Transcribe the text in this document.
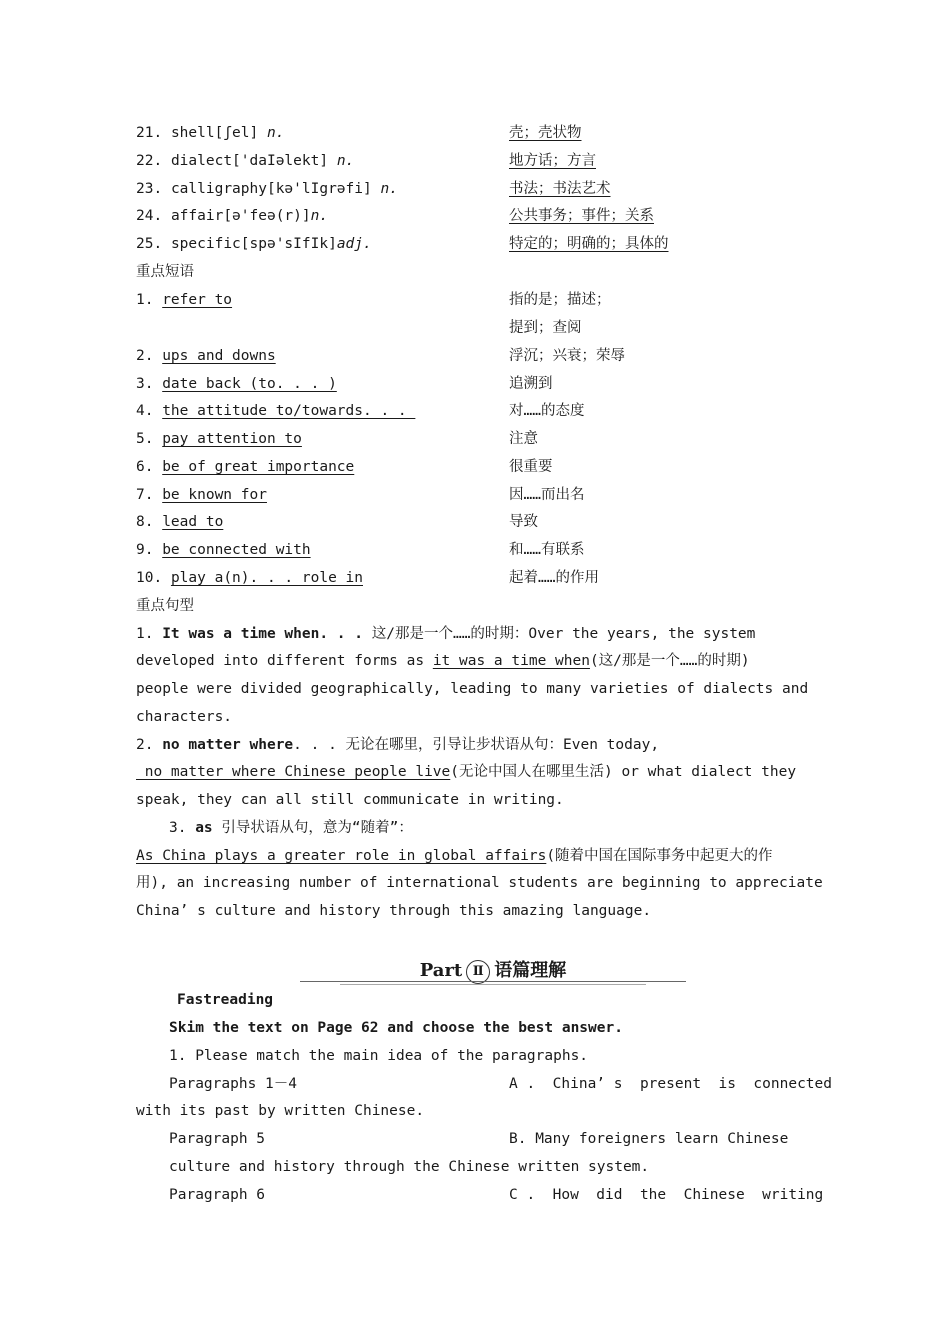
21. shell[ʃel] n.	壳；壳状物
22. dialect['daIəlekt] n.	地方话；方言
23. calligraphy[kə'lIgrəfi] n.	书法；书法艺术
24. affair[ə'feə(r)]n.	公共事务；事件；关系
25. specific[spə'sIfIk]adj.	特定的；明确的；具体的
重点短语
1. refer to	指的是；描述；
提到；查阅
2. ups and downs	浮沉；兴衰；荣辱
3. date back (to. . . )	追溯到
4. the attitude to/towards. . .	对……的态度
5. pay attention to	注意
6. be of great importance	很重要
7. be known for	因……而出名
8. lead to	导致
9. be connected with	和……有联系
10. play a(n). . . role in	起着……的作用
重点句型
1. It was a time when. . . 这/那是一个……的时期：Over the years, the system
developed into different forms as it was a time when(这/那是一个……的时期)
people were divided geographically, leading to many varieties of dialects and
characters.
2. no matter where. . . 无论在哪里，引导让步状语从句：Even today,
no matter where Chinese people live(无论中国人在哪里生活) or what dialect they
speak, they can all still communicate in writing.
3. as 引导状语从句，意为“随着”：
As China plays a greater role in global affairs(随着中国在国际事务中起更大的作
用), an increasing number of international students are beginning to appreciate
China’ s culture and history through this amazing language.
Part Ⅱ 语篇理解
Fastreading
Skim the text on Page 62 and choose the best answer.
1. Please match the main idea of the paragraphs.
Paragraphs 1－4	A .  China’ s  present  is  connected
with its past by written Chinese.
Paragraph 5	B. Many foreigners learn Chinese
culture and history through the Chinese written system.
Paragraph 6	C .  How  did  the  Chinese  writing
